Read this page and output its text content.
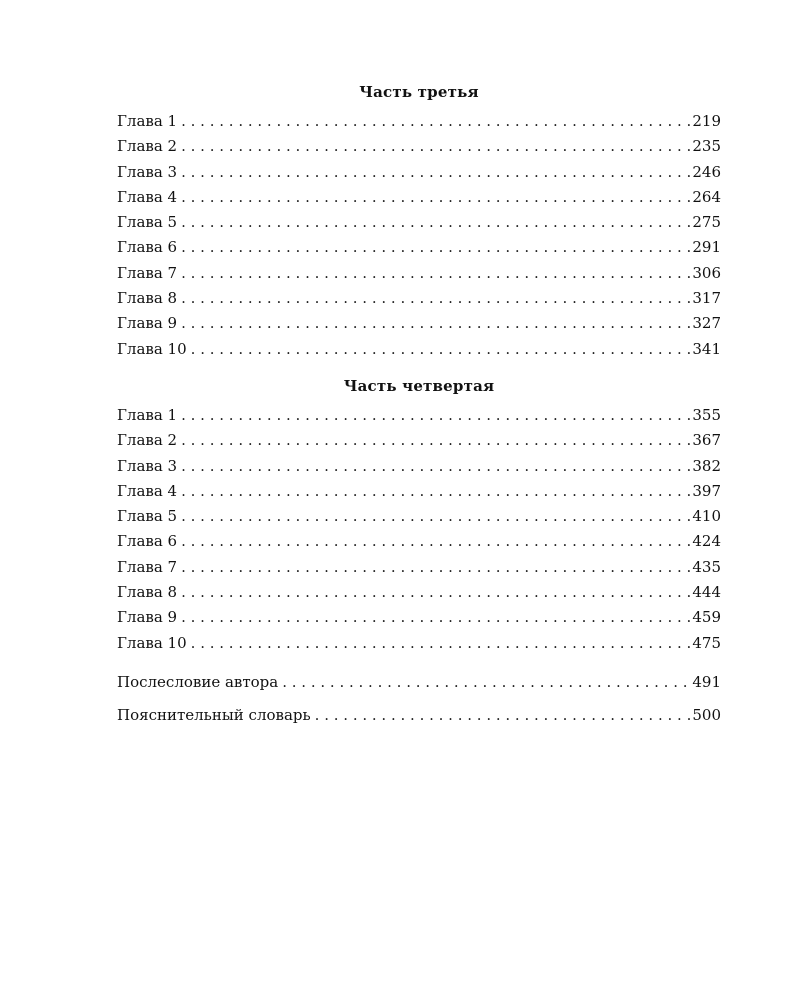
Часть третья
Глава 1 . . .	219
Глава 2 . . .	235
Глава 3 . . .	246
Глава 4 . . .	264
Глава 5 . . .	275
Глава 6 . . .	291
Глава 7 . . .	306
Глава 8 . . .	317
Глава 9 . . .	327
Глава 10 . . .	341
Часть четвертая
Глава 1 . . .	355
Глава 2 . . .	367
Глава 3 . . .	382
Глава 4 . . .	397
Глава 5 . . .	410
Глава 6 . . .	424
Глава 7 . . .	435
Глава 8 . . .	444
Глава 9 . . .	459
Глава 10 . . .	475
Послесловие автора . . .	491
Пояснительный словарь . . .	500
